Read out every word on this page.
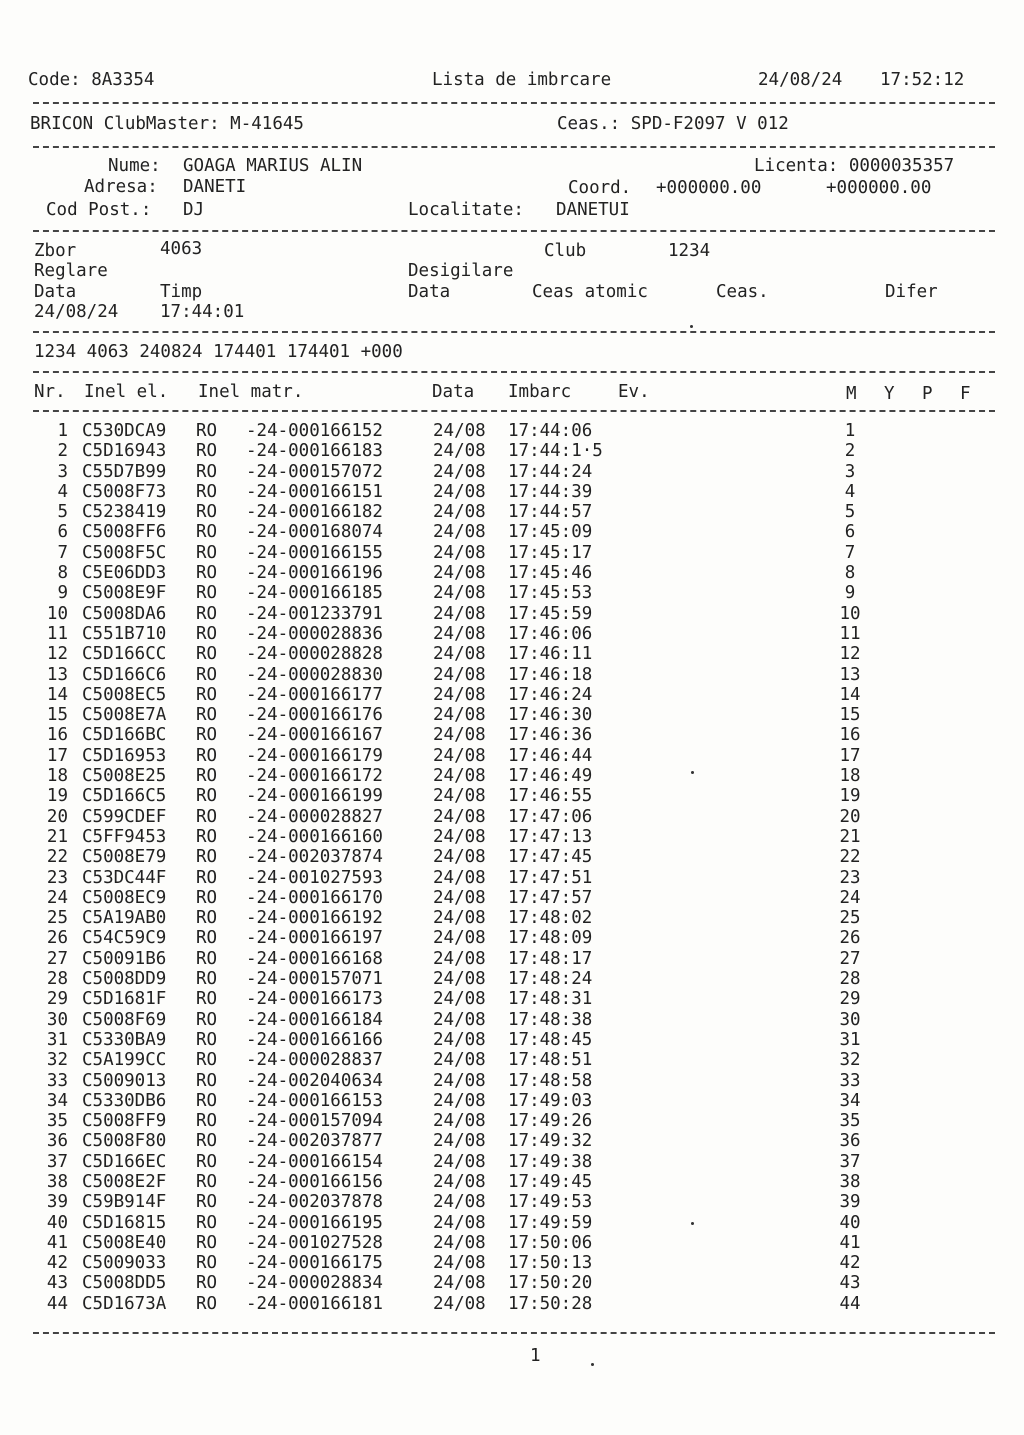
Code: 8A3354	Lista de imbrcare	24/08/24 17:52:12
BRICON ClubMaster: M-41645	Ceas.: SPD-F2097 V 012
Nume: GOAGA MARIUS ALIN	Licenta: 0000035357
Adresa: DANETI	Coord. +000000.00	+000000.00
Cod Post.: DJ	Localitate: DANETUI
Zbor	4063	Club	1234
Reglare	Desigilare
Data	Timp	Data	Ceas atomic	Ceas.	Difer
24/08/24 17:44:01
1234 4063 240824 174401 174401 +000
Nr. Inel el. Inel matr.	Data Imbarc	Ev.	M Y P F
1 C530DCA9 RO -24-000166152	24/08 17:44:06	1
2 C5D16943 RO -24-000166183	24/08 17:44:1·5	2
3 C55D7B99 RO -24-000157072	24/08 17:44:24	3
4 C5008F73 RO -24-000166151	24/08 17:44:39	4
5 C5238419 RO -24-000166182	24/08 17:44:57	5
6 C5008FF6 RO -24-000168074	24/08 17:45:09	6
7 C5008F5C RO -24-000166155	24/08 17:45:17	7
8 C5E06DD3 RO -24-000166196	24/08 17:45:46	8
9 C5008E9F RO -24-000166185	24/08 17:45:53	9
10 C5008DA6 RO -24-001233791	24/08 17:45:59	10
11 C551B710 RO -24-000028836	24/08 17:46:06	11
12 C5D166CC RO -24-000028828	24/08 17:46:11	12
13 C5D166C6 RO -24-000028830	24/08 17:46:18	13
14 C5008EC5 RO -24-000166177	24/08 17:46:24	14
15 C5008E7A RO -24-000166176	24/08 17:46:30	15
16 C5D166BC RO -24-000166167	24/08 17:46:36	16
17 C5D16953 RO -24-000166179	24/08 17:46:44	17
18 C5008E25 RO -24-000166172	24/08 17:46:49	18
19 C5D166C5 RO -24-000166199	24/08 17:46:55	19
20 C599CDEF RO -24-000028827	24/08 17:47:06	20
21 C5FF9453 RO -24-000166160	24/08 17:47:13	21
22 C5008E79 RO -24-002037874	24/08 17:47:45	22
23 C53DC44F RO -24-001027593	24/08 17:47:51	23
24 C5008EC9 RO -24-000166170	24/08 17:47:57	24
25 C5A19AB0 RO -24-000166192	24/08 17:48:02	25
26 C54C59C9 RO -24-000166197	24/08 17:48:09	26
27 C50091B6 RO -24-000166168	24/08 17:48:17	27
28 C5008DD9 RO -24-000157071	24/08 17:48:24	28
29 C5D1681F RO -24-000166173	24/08 17:48:31	29
30 C5008F69 RO -24-000166184	24/08 17:48:38	30
31 C5330BA9 RO -24-000166166	24/08 17:48:45	31
32 C5A199CC RO -24-000028837	24/08 17:48:51	32
33 C5009013 RO -24-002040634	24/08 17:48:58	33
34 C5330DB6 RO -24-000166153	24/08 17:49:03	34
35 C5008FF9 RO -24-000157094	24/08 17:49:26	35
36 C5008F80 RO -24-002037877	24/08 17:49:32	36
37 C5D166EC RO -24-000166154	24/08 17:49:38	37
38 C5008E2F RO -24-000166156	24/08 17:49:45	38
39 C59B914F RO -24-002037878	24/08 17:49:53	39
40 C5D16815 RO -24-000166195	24/08 17:49:59	40
41 C5008E40 RO -24-001027528	24/08 17:50:06	41
42 C5009033 RO -24-000166175	24/08 17:50:13	42
43 C5008DD5 RO -24-000028834	24/08 17:50:20	43
44 C5D1673A RO -24-000166181	24/08 17:50:28	44
1
